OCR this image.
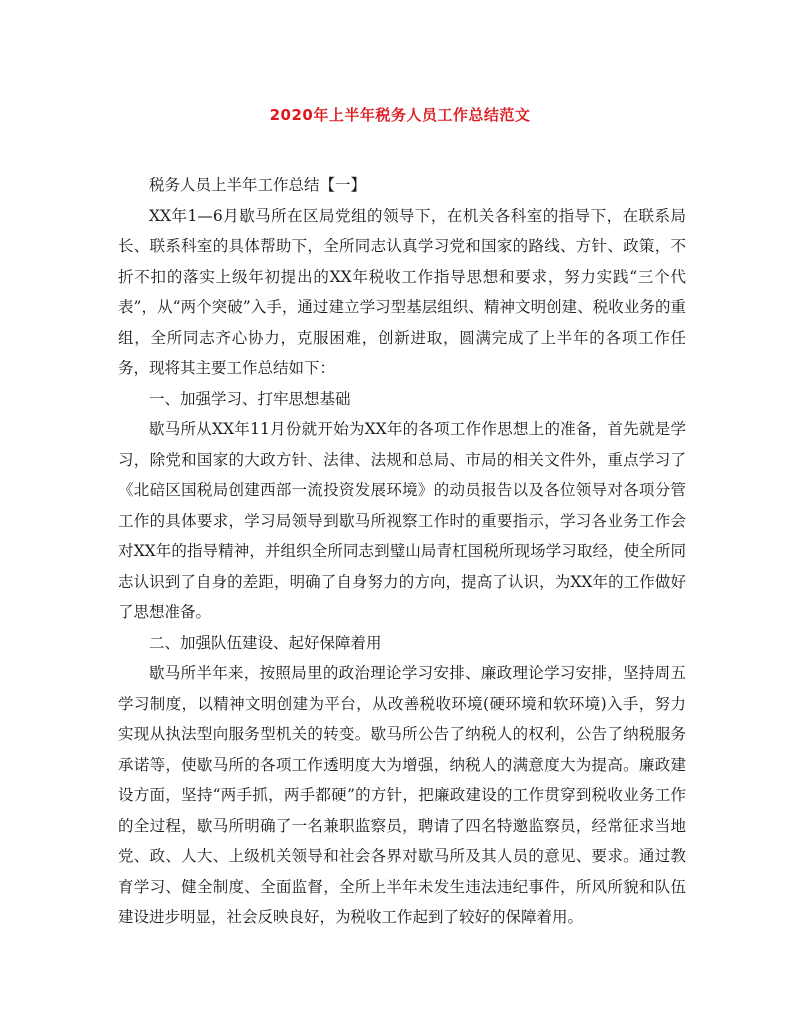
2020年上半年税务人员工作总结范文

税务人员上半年工作总结【一】

XX年1—6月歇马所在区局党组的领导下，在机关各科室的指导下，在联系局长、联系科室的具体帮助下，全所同志认真学习党和国家的路线、方针、政策，不折不扣的落实上级年初提出的XX年税收工作指导思想和要求，努力实践“三个代表”，从“两个突破”入手，通过建立学习型基层组织、精神文明创建、税收业务的重组，全所同志齐心协力，克服困难，创新进取，圆满完成了上半年的各项工作任务，现将其主要工作总结如下：

一、加强学习、打牢思想基础

歇马所从XX年11月份就开始为XX年的各项工作作思想上的准备，首先就是学习，除党和国家的大政方针、法律、法规和总局、市局的相关文件外，重点学习了《北碚区国税局创建西部一流投资发展环境》的动员报告以及各位领导对各项分管工作的具体要求，学习局领导到歇马所视察工作时的重要指示，学习各业务工作会对XX年的指导精神，并组织全所同志到璧山局青杠国税所现场学习取经，使全所同志认识到了自身的差距，明确了自身努力的方向，提高了认识，为XX年的工作做好了思想准备。

二、加强队伍建设、起好保障着用

歇马所半年来，按照局里的政治理论学习安排、廉政理论学习安排，坚持周五学习制度，以精神文明创建为平台，从改善税收环境(硬环境和软环境)入手，努力实现从执法型向服务型机关的转变。歇马所公告了纳税人的权利，公告了纳税服务承诺等，使歇马所的各项工作透明度大为增强，纳税人的满意度大为提高。廉政建设方面，坚持“两手抓，两手都硬”的方针，把廉政建设的工作贯穿到税收业务工作的全过程，歇马所明确了一名兼职监察员，聘请了四名特邀监察员，经常征求当地党、政、人大、上级机关领导和社会各界对歇马所及其人员的意见、要求。通过教育学习、健全制度、全面监督，全所上半年未发生违法违纪事件，所风所貌和队伍建设进步明显，社会反映良好，为税收工作起到了较好的保障着用。
